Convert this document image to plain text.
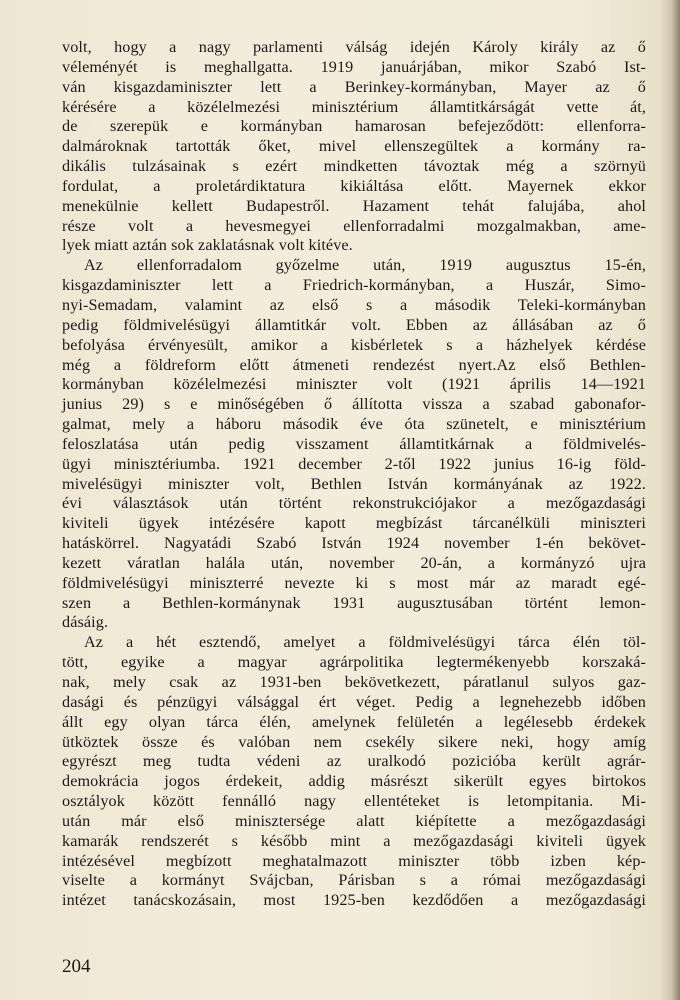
volt, hogy a nagy parlamenti válság idején Károly király az ő
véleményét is meghallgatta. 1919 januárjában, mikor Szabó Ist-
ván kisgazdaminiszter lett a Berinkey-kormányban, Mayer az ő
kérésére a közélelmezési minisztérium államtitkárságát vette át,
de szerepük e kormányban hamarosan befejeződött: ellenforra-
dalmároknak tartották őket, mivel ellenszegültek a kormány ra-
dikális tulzásainak s ezért mindketten távoztak még a szörnyü
fordulat, a proletárdiktatura kikiáltása előtt. Mayernek ekkor
menekülnie kellett Budapestről. Hazament tehát falujába, ahol
része volt a hevesmegyei ellenforradalmi mozgalmakban, ame-
lyek miatt aztán sok zaklatásnak volt kitéve.
Az ellenforradalom győzelme után, 1919 augusztus 15-én,
kisgazdaminiszter lett a Friedrich-kormányban, a Huszár, Simo-
nyi-Semadam, valamint az első s a második Teleki-kormányban
pedig földmivelésügyi államtitkár volt. Ebben az állásában az ő
befolyása érvényesült, amikor a kisbérletek s a házhelyek kérdése
még a földreform előtt átmeneti rendezést nyert.Az első Bethlen-
kormányban közélelmezési miniszter volt (1921 április 14—1921
junius 29) s e minőségében ő állította vissza a szabad gabonafor-
galmat, mely a háboru második éve óta szünetelt, e minisztérium
feloszlatása után pedig visszament államtitkárnak a földmivelés-
ügyi minisztériumba. 1921 december 2-től 1922 junius 16-ig föld-
mivelésügyi miniszter volt, Bethlen István kormányának az 1922.
évi választások után történt rekonstrukciójakor a mezőgazdasági
kiviteli ügyek intézésére kapott megbízást tárcanélküli miniszteri
hatáskörrel. Nagyatádi Szabó István 1924 november 1-én bekövet-
kezett váratlan halála után, november 20-án, a kormányzó ujra
földmivelésügyi miniszterré nevezte ki s most már az maradt egé-
szen a Bethlen-kormánynak 1931 augusztusában történt lemon-
dásáig.
Az a hét esztendő, amelyet a földmivelésügyi tárca élén töl-
tött, egyike a magyar agrárpolitika legtermékenyebb korszaká-
nak, mely csak az 1931-ben bekövetkezett, páratlanul sulyos gaz-
dasági és pénzügyi válsággal ért véget. Pedig a legnehezebb időben
állt egy olyan tárca élén, amelynek felületén a legélesebb érdekek
ütköztek össze és valóban nem csekély sikere neki, hogy amíg
egyrészt meg tudta védeni az uralkodó pozicióba került agrár-
demokrácia jogos érdekeit, addig másrészt sikerült egyes birtokos
osztályok között fennálló nagy ellentéteket is letompitania. Mi-
után már első minisztersége alatt kiépítette a mezőgazdasági
kamarák rendszerét s később mint a mezőgazdasági kiviteli ügyek
intézésével megbízott meghatalmazott miniszter több izben kép-
viselte a kormányt Svájcban, Párisban s a római mezőgazdasági
intézet tanácskozásain, most 1925-ben kezdődően a mezőgazdasági
204
